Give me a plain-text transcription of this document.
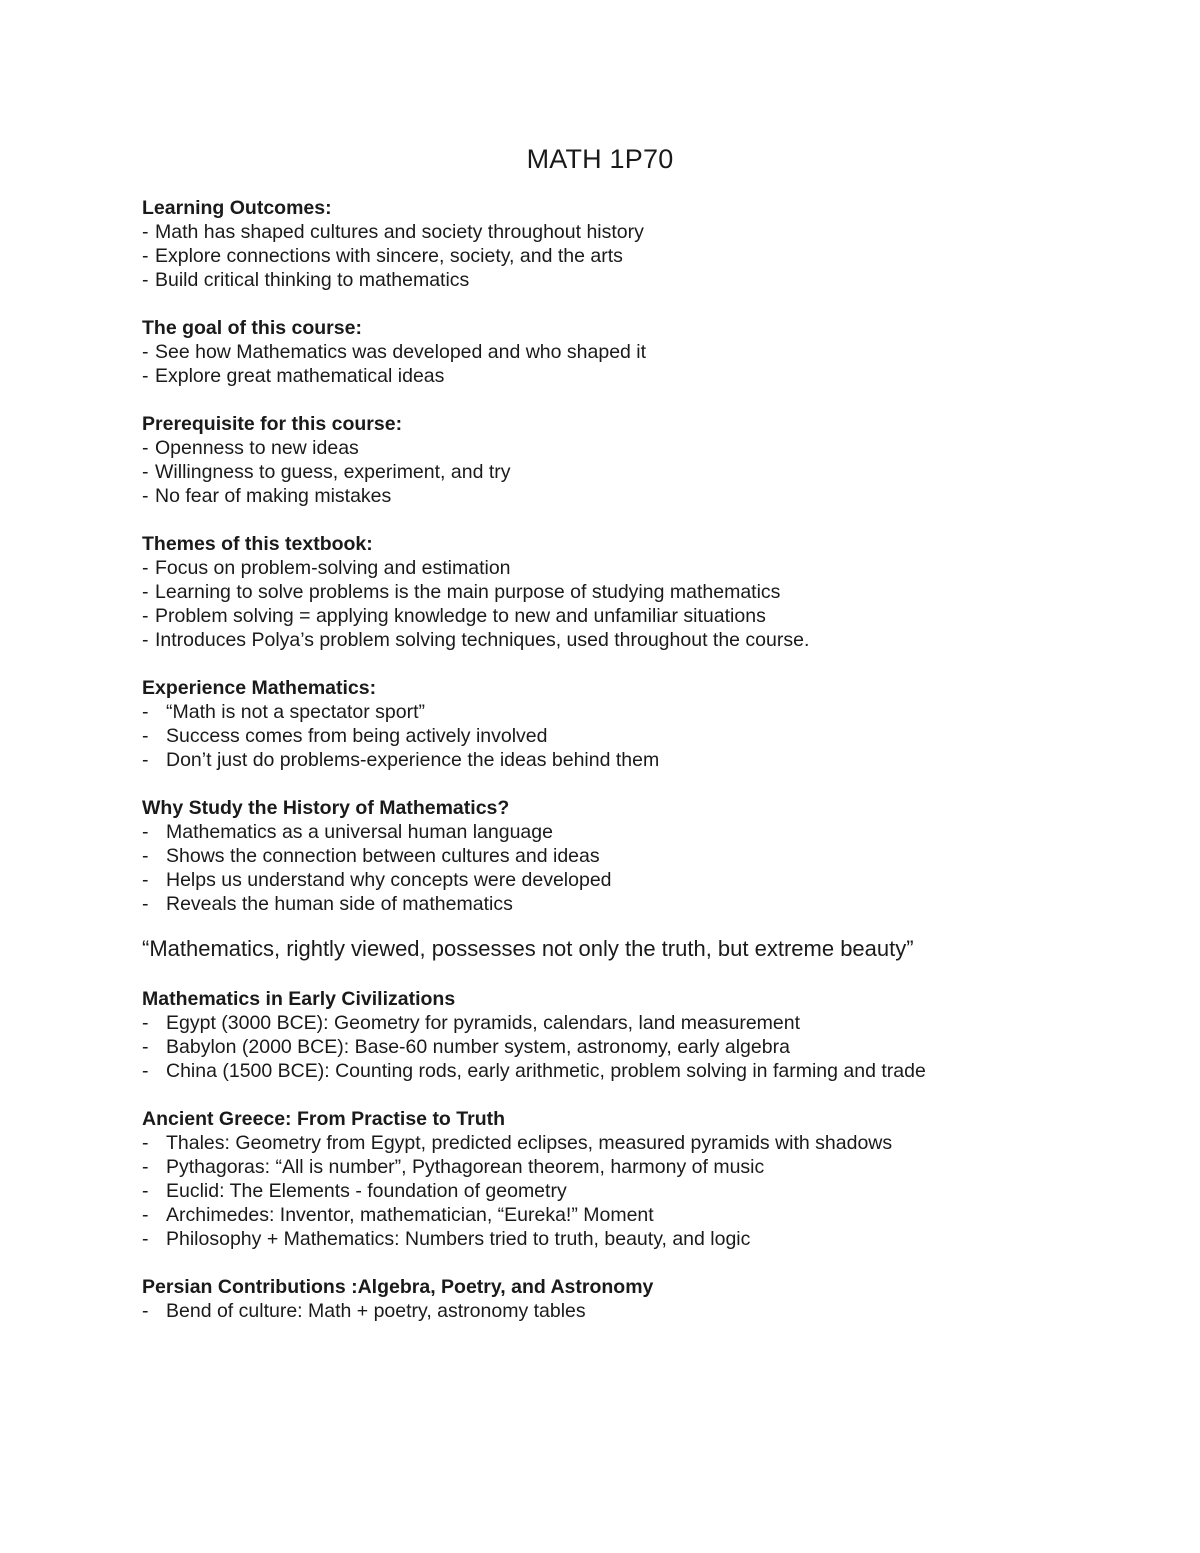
MATH 1P70
Learning Outcomes:
- Math has shaped cultures and society throughout history
- Explore connections with sincere, society, and the arts
- Build critical thinking to mathematics
The goal of this course:
- See how Mathematics was developed and who shaped it
- Explore great mathematical ideas
Prerequisite for this course:
- Openness to new ideas
- Willingness to guess, experiment, and try
- No fear of making mistakes
Themes of this textbook:
- Focus on problem-solving and estimation
- Learning to solve problems is the main purpose of studying mathematics
- Problem solving = applying knowledge to new and unfamiliar situations
- Introduces Polya’s problem solving techniques, used throughout the course.
Experience Mathematics:
- “Math is not a spectator sport”
- Success comes from being actively involved
- Don’t just do problems-experience the ideas behind them
Why Study the History of Mathematics?
- Mathematics as a universal human language
- Shows the connection between cultures and ideas
- Helps us understand why concepts were developed
- Reveals the human side of mathematics
“Mathematics, rightly viewed, possesses not only the truth, but extreme beauty”
Mathematics in Early Civilizations
- Egypt (3000 BCE): Geometry for pyramids, calendars, land measurement
- Babylon (2000 BCE): Base-60 number system, astronomy, early algebra
- China (1500 BCE): Counting rods, early arithmetic, problem solving in farming and trade
Ancient Greece: From Practise to Truth
- Thales: Geometry from Egypt, predicted eclipses, measured pyramids with shadows
- Pythagoras: “All is number”, Pythagorean theorem, harmony of music
- Euclid: The Elements - foundation of geometry
- Archimedes: Inventor, mathematician, “Eureka!” Moment
- Philosophy + Mathematics: Numbers tried to truth, beauty, and logic
Persian Contributions :Algebra, Poetry, and Astronomy
- Bend of culture: Math + poetry, astronomy tables
